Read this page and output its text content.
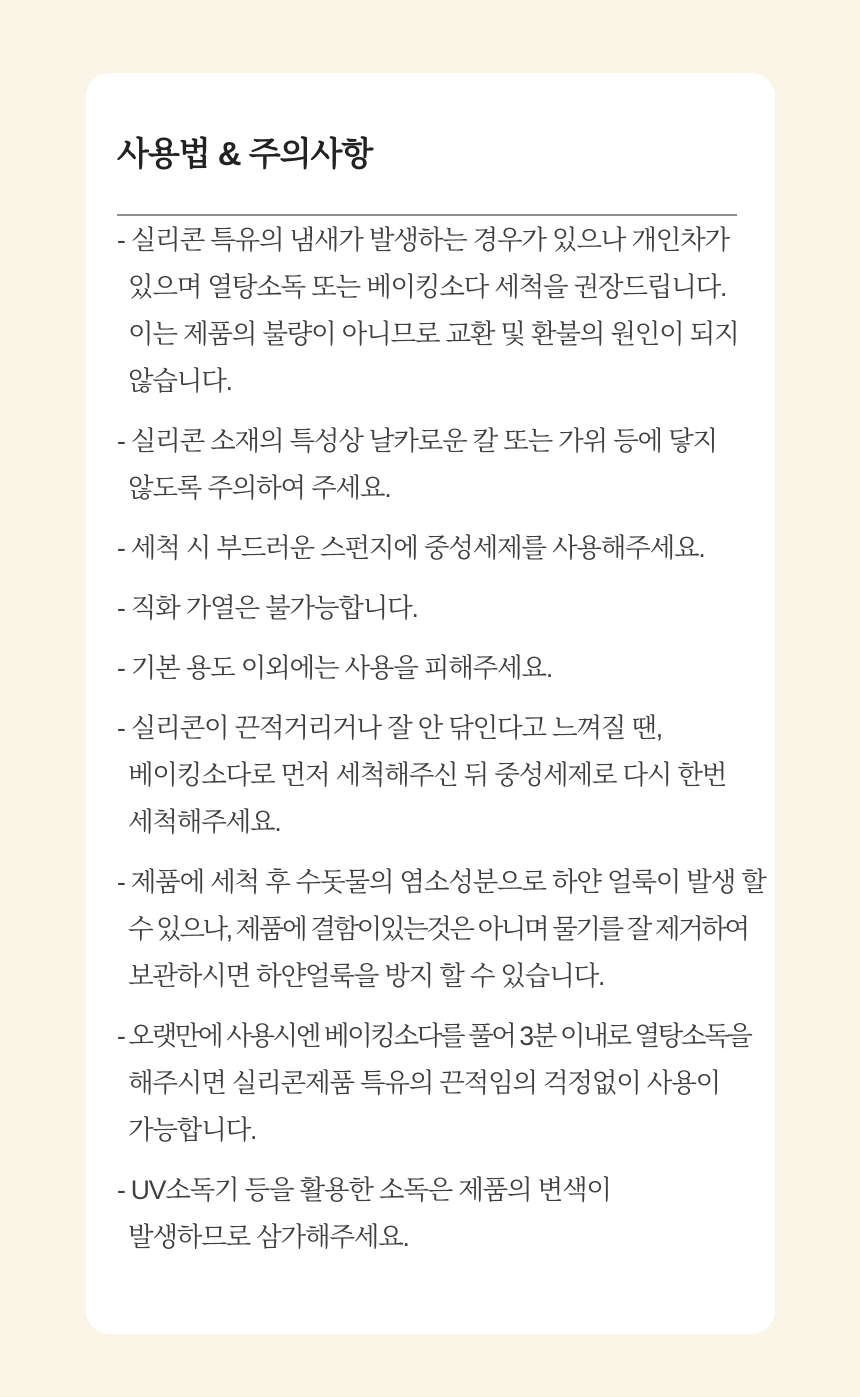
사용법 & 주의사항
- 실리콘 특유의 냄새가 발생하는 경우가 있으나 개인차가
있으며 열탕소독 또는 베이킹소다 세척을 권장드립니다.
이는 제품의 불량이 아니므로 교환 및 환불의 원인이 되지
않습니다.
- 실리콘 소재의 특성상 날카로운 칼 또는 가위 등에 닿지
않도록 주의하여 주세요.
- 세척 시 부드러운 스펀지에 중성세제를 사용해주세요.
- 직화 가열은 불가능합니다.
- 기본 용도 이외에는 사용을 피해주세요.
- 실리콘이 끈적거리거나 잘 안 닦인다고 느껴질 땐,
베이킹소다로 먼저 세척해주신 뒤 중성세제로 다시 한번
세척해주세요.
- 제품에 세척 후 수돗물의 염소성분으로 하얀 얼룩이 발생 할
수 있으나, 제품에 결함이있는것은 아니며 물기를 잘 제거하여
보관하시면 하얀얼룩을 방지 할 수 있습니다.
- 오랫만에 사용시엔 베이킹소다를 풀어 3분 이내로 열탕소독을
해주시면 실리콘제품 특유의 끈적임의 걱정없이 사용이
가능합니다.
- UV소독기 등을 활용한 소독은 제품의 변색이
발생하므로 삼가해주세요.
